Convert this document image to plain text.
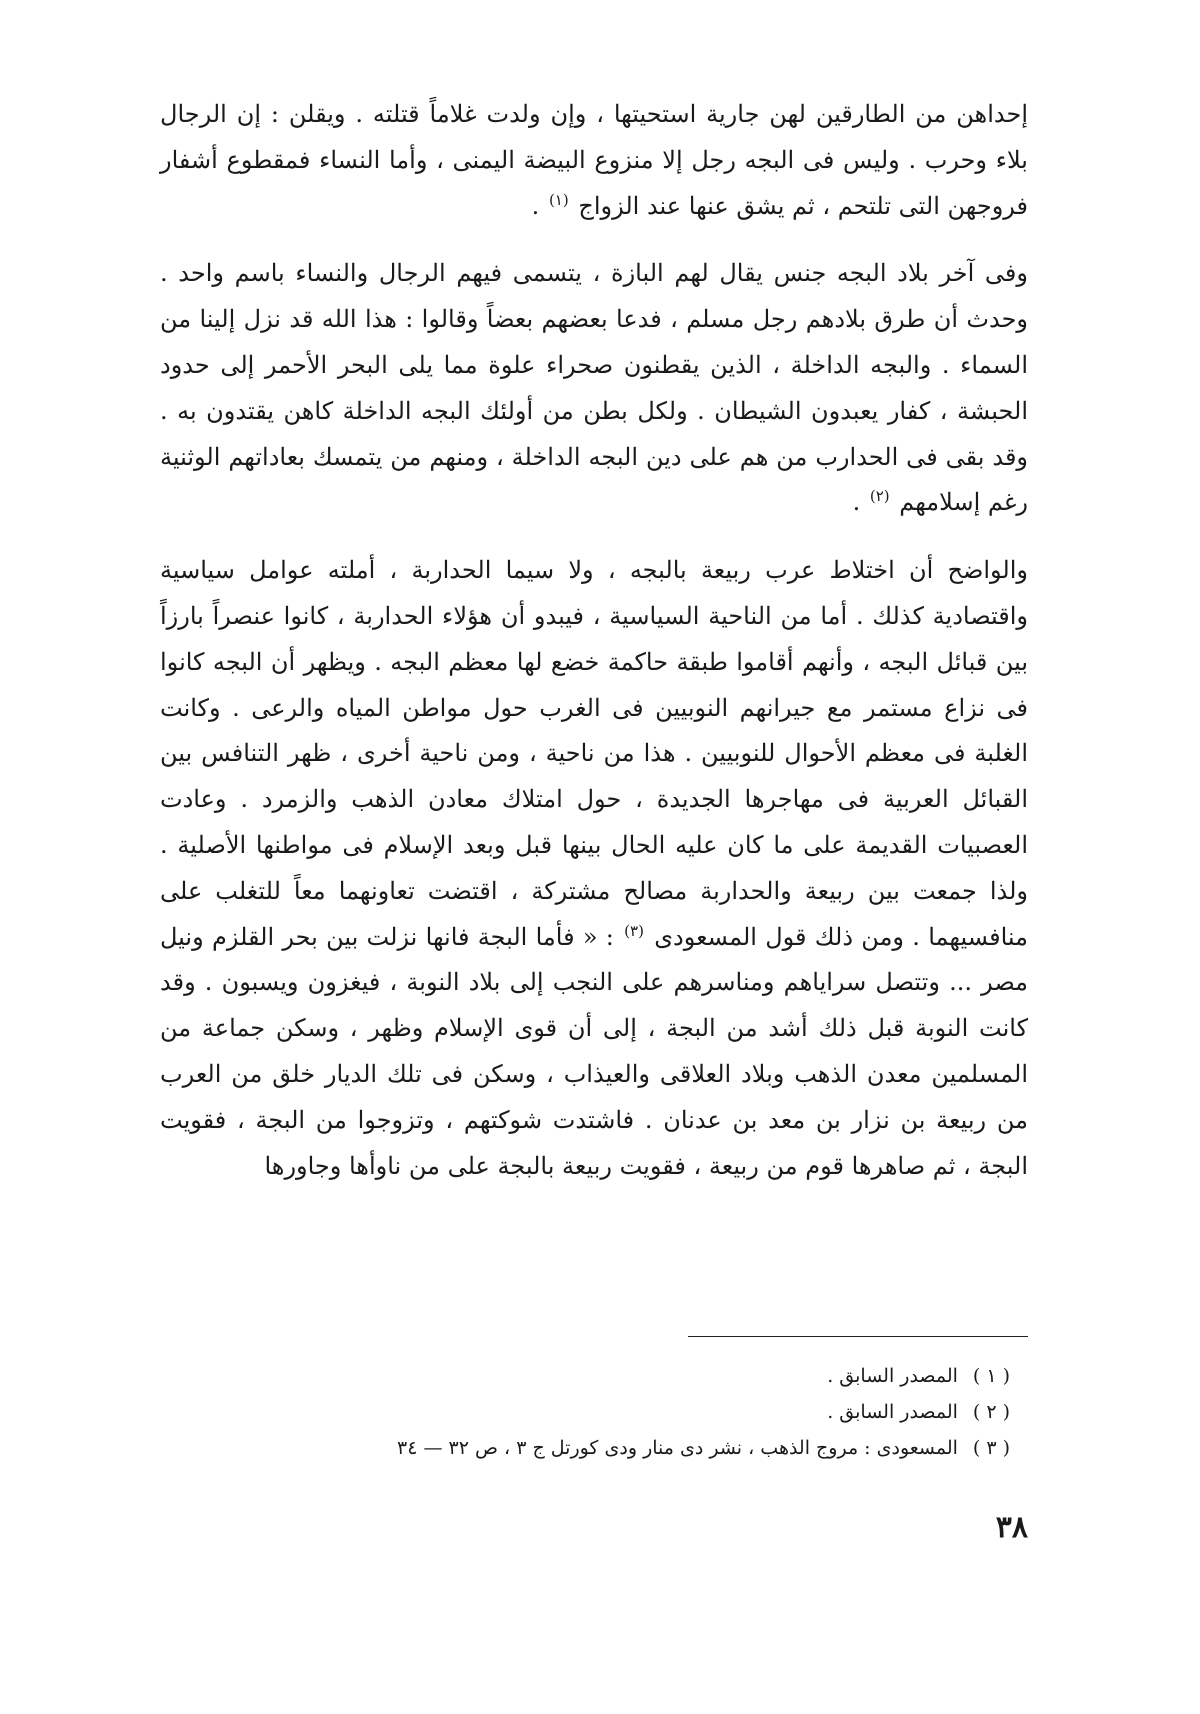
إحداهن من الطارقين لهن جارية استحيتها ، وإن ولدت غلاماً قتلته . ويقلن : إن الرجال بلاء وحرب . وليس فى البجه رجل إلا منزوع البيضة اليمنى ، وأما النساء فمقطوع أشفار فروجهن التى تلتحم ، ثم يشق عنها عند الزواج $^{(١)}$ .

وفى آخر بلاد البجه جنس يقال لهم البازة ، يتسمى فيهم الرجال والنساء باسم واحد . وحدث أن طرق بلادهم رجل مسلم ، فدعا بعضهم بعضاً وقالوا : هذا الله قد نزل إلينا من السماء . والبجه الداخلة ، الذين يقطنون صحراء علوة مما يلى البحر الأحمر إلى حدود الحبشة ، كفار يعبدون الشيطان . ولكل بطن من أولئك البجه الداخلة كاهن يقتدون به . وقد بقى فى الحدارب من هم على دين البجه الداخلة ، ومنهم من يتمسك بعاداتهم الوثنية رغم إسلامهم $^{(٢)}$ .

والواضح أن اختلاط عرب ربيعة بالبجه ، ولا سيما الحداربة ، أملته عوامل سياسية واقتصادية كذلك . أما من الناحية السياسية ، فيبدو أن هؤلاء الحداربة ، كانوا عنصراً بارزاً بين قبائل البجه ، وأنهم أقاموا طبقة حاكمة خضع لها معظم البجه . ويظهر أن البجه كانوا فى نزاع مستمر مع جيرانهم النوبيين فى الغرب حول مواطن المياه والرعى . وكانت الغلبة فى معظم الأحوال للنوبيين . هذا من ناحية ، ومن ناحية أخرى ، ظهر التنافس بين القبائل العربية فى مهاجرها الجديدة ، حول امتلاك معادن الذهب والزمرد . وعادت العصبيات القديمة على ما كان عليه الحال بينها قبل وبعد الإسلام فى مواطنها الأصلية . ولذا جمعت بين ربيعة والحداربة مصالح مشتركة ، اقتضت تعاونهما معاً للتغلب على منافسيهما . ومن ذلك قول المسعودى $^{(٣)}$ : « فأما البجة فانها نزلت بين بحر القلزم ونيل مصر ... وتتصل سراياهم ومناسرهم على النجب إلى بلاد النوبة ، فيغزون ويسبون . وقد كانت النوبة قبل ذلك أشد من البجة ، إلى أن قوى الإسلام وظهر ، وسكن جماعة من المسلمين معدن الذهب وبلاد العلاقى والعيذاب ، وسكن فى تلك الديار خلق من العرب من ربيعة بن نزار بن معد بن عدنان . فاشتدت شوكتهم ، وتزوجوا من البجة ، فقويت البجة ، ثم صاهرها قوم من ربيعة ، فقويت ربيعة بالبجة على من ناوأها وجاورها

( ١ ) المصدر السابق .
( ٢ ) المصدر السابق .
( ٣ ) المسعودى : مروج الذهب ، نشر دى منار ودى كورتل ج ٣ ، ص ٣٢ — ٣٤
٣٨
